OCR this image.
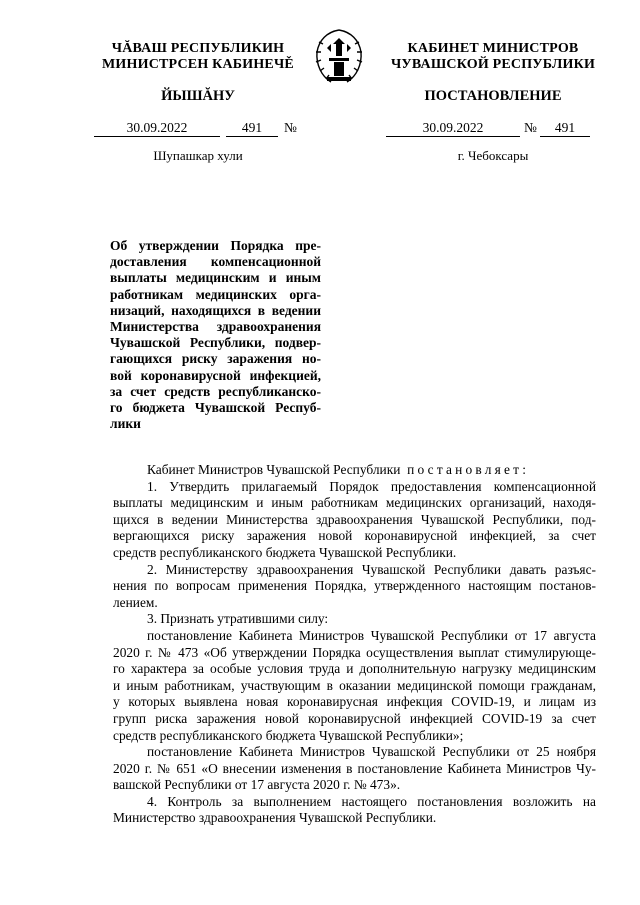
ЧĂВАШ РЕСПУБЛИКИН
МИНИСТРСЕН КАБИНЕЧĚ
ЙЫШĂНУ
КАБИНЕТ МИНИСТРОВ
ЧУВАШСКОЙ РЕСПУБЛИКИ
ПОСТАНОВЛЕНИЕ
30.09.2022	491	№	30.09.2022	№	491
Шупашкар хули	г. Чебоксары
Об утверждении Порядка пре-
доставления компенсационной
выплаты медицинским и иным
работникам медицинских орга-
низаций, находящихся в ведении
Министерства здравоохранения
Чувашской Республики, подвер-
гающихся риску заражения но-
вой коронавирусной инфекцией,
за счет средств республиканско-
го бюджета Чувашской Респуб-
лики
Кабинет Министров Чувашской Республики постановляет:
1. Утвердить прилагаемый Порядок предоставления компенсационной
выплаты медицинским и иным работникам медицинских организаций, находя-
щихся в ведении Министерства здравоохранения Чувашской Республики, под-
вергающихся риску заражения новой коронавирусной инфекцией, за счет
средств республиканского бюджета Чувашской Республики.
2. Министерству здравоохранения Чувашской Республики давать разъяс-
нения по вопросам применения Порядка, утвержденного настоящим постанов-
лением.
3. Признать утратившими силу:
постановление Кабинета Министров Чувашской Республики от 17 августа
2020 г. № 473 «Об утверждении Порядка осуществления выплат стимулирующе-
го характера за особые условия труда и дополнительную нагрузку медицинским
и иным работникам, участвующим в оказании медицинской помощи гражданам,
у которых выявлена новая коронавирусная инфекция COVID-19, и лицам из
групп риска заражения новой коронавирусной инфекцией COVID-19 за счет
средств республиканского бюджета Чувашской Республики»;
постановление Кабинета Министров Чувашской Республики от 25 ноября
2020 г. № 651 «О внесении изменения в постановление Кабинета Министров Чу-
вашской Республики от 17 августа 2020 г. № 473».
4. Контроль за выполнением настоящего постановления возложить на
Министерство здравоохранения Чувашской Республики.
